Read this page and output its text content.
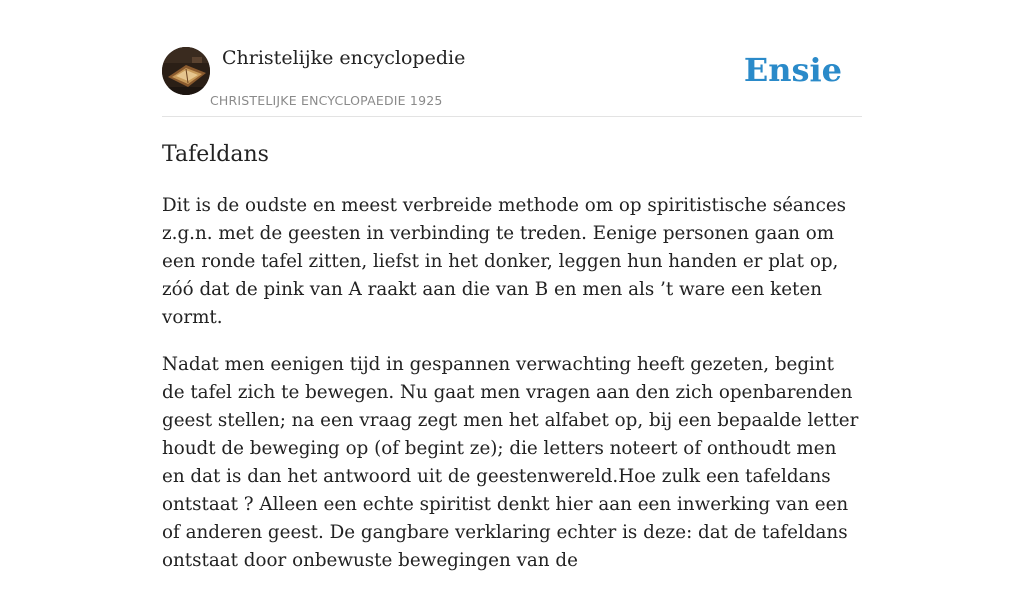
Christelijke encyclopedie
CHRISTELIJKE ENCYCLOPAEDIE 1925
Ensie
Tafeldans

Dit is de oudste en meest verbreide methode om op spiritistische séances z.g.n. met de geesten in verbinding te treden. Eenige personen gaan om een ronde tafel zitten, liefst in het donker, leggen hun handen er plat op, zóó dat de pink van A raakt aan die van B en men als ’t ware een keten vormt.

Nadat men eenigen tijd in gespannen verwachting heeft gezeten, begint de tafel zich te bewegen. Nu gaat men vragen aan den zich openbarenden geest stellen; na een vraag zegt men het alfabet op, bij een bepaalde letter houdt de beweging op (of begint ze); die letters noteert of onthoudt men en dat is dan het antwoord uit de geestenwereld.Hoe zulk een tafeldans ontstaat ? Alleen een echte spiritist denkt hier aan een inwerking van een of anderen geest. De gangbare verklaring echter is deze: dat de tafeldans ontstaat door onbewuste bewegingen van de
